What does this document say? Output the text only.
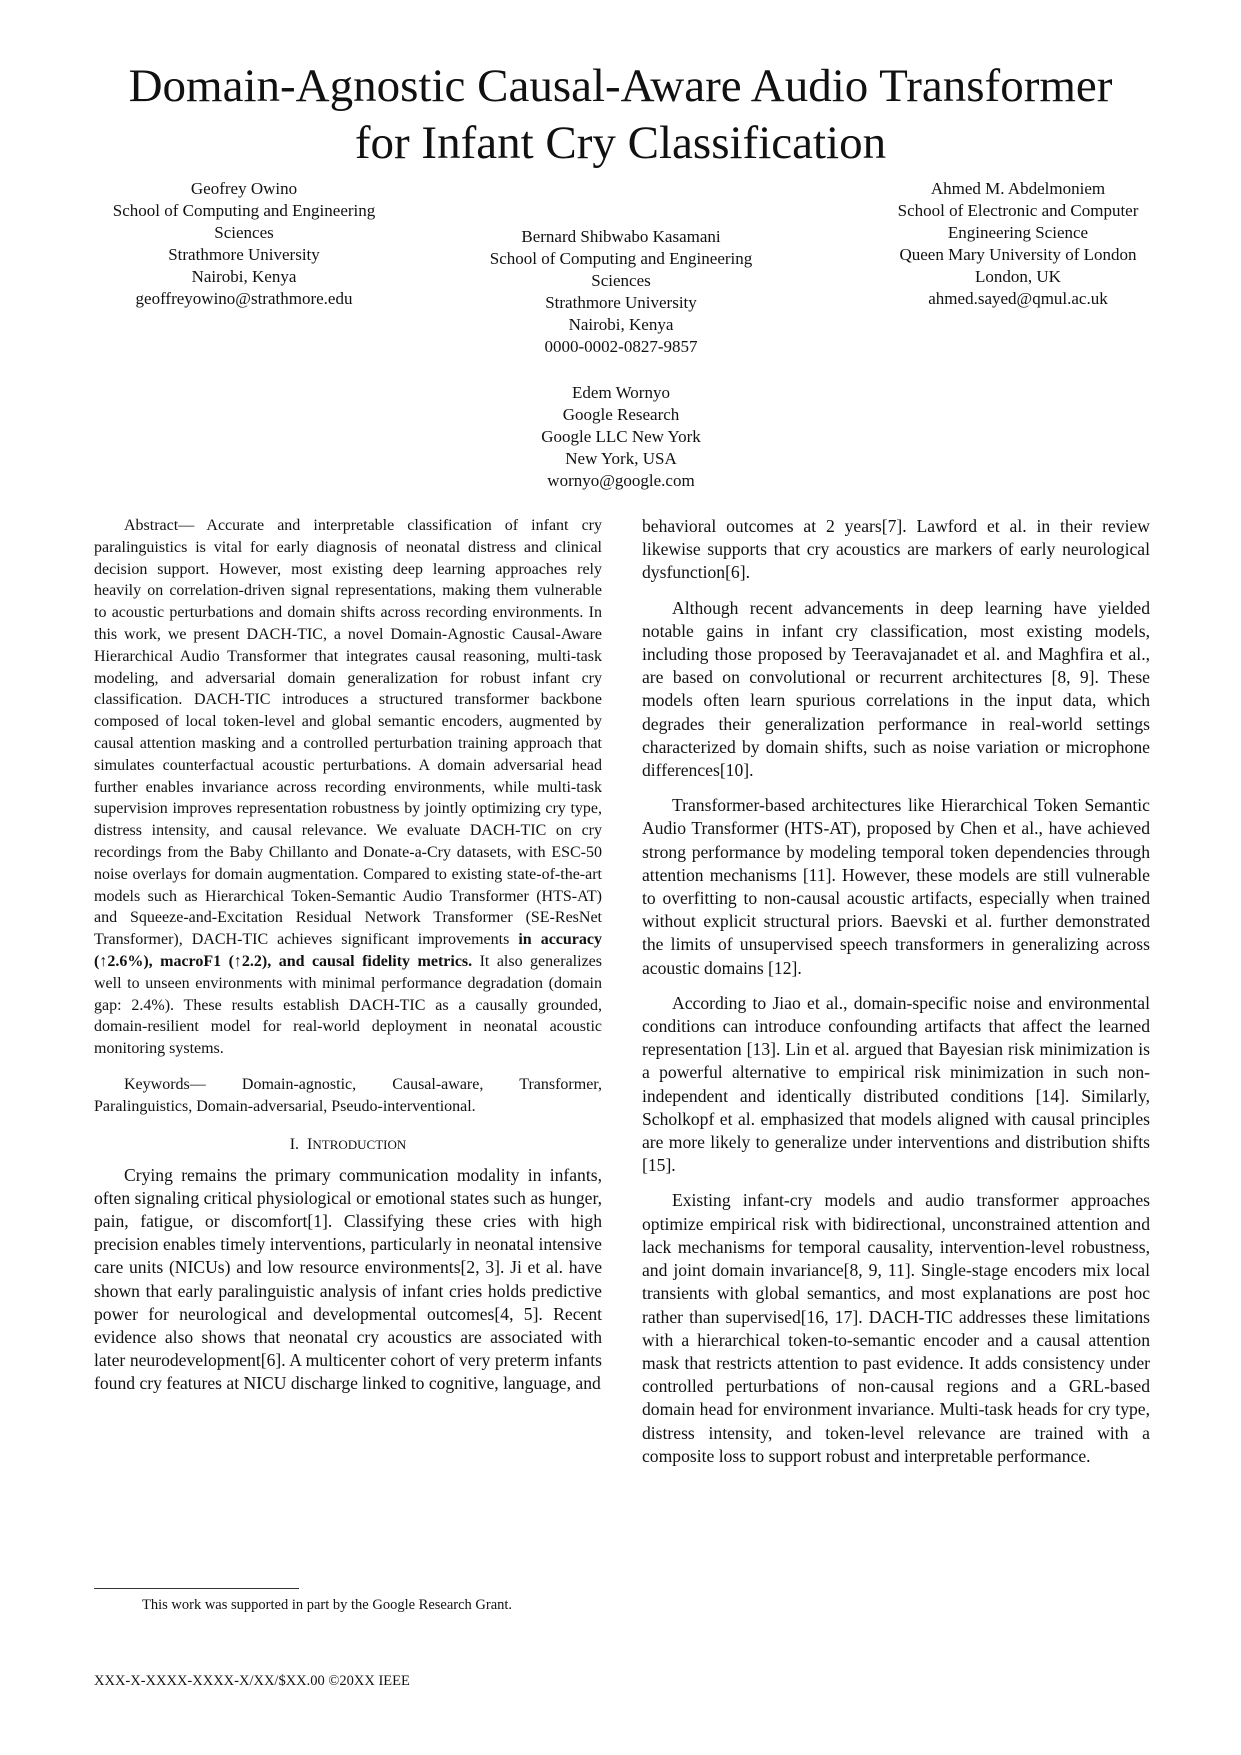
Domain-Agnostic Causal-Aware Audio Transformer
for Infant Cry Classification
Geofrey Owino
School of Computing and Engineering
Sciences
Strathmore University
Nairobi, Kenya
geoffreyowino@strathmore.edu
Bernard Shibwabo Kasamani
School of Computing and Engineering
Sciences
Strathmore University
Nairobi, Kenya
0000-0002-0827-9857
Ahmed M. Abdelmoniem
School of Electronic and Computer
Engineering Science
Queen Mary University of London
London, UK
ahmed.sayed@qmul.ac.uk
Edem Wornyo
Google Research
Google LLC New York
New York, USA
wornyo@google.com

Abstract— Accurate and interpretable classification of infant cry paralinguistics is vital for early diagnosis of neonatal distress and clinical decision support. However, most existing deep learning approaches rely heavily on correlation-driven signal representations, making them vulnerable to acoustic perturbations and domain shifts across recording environments. In this work, we present DACH-TIC, a novel Domain-Agnostic Causal-Aware Hierarchical Audio Transformer that integrates causal reasoning, multi-task modeling, and adversarial domain generalization for robust infant cry classification. DACH-TIC introduces a structured transformer backbone composed of local token-level and global semantic encoders, augmented by causal attention masking and a controlled perturbation training approach that simulates counterfactual acoustic perturbations. A domain adversarial head further enables invariance across recording environments, while multi-task supervision improves representation robustness by jointly optimizing cry type, distress intensity, and causal relevance. We evaluate DACH-TIC on cry recordings from the Baby Chillanto and Donate-a-Cry datasets, with ESC-50 noise overlays for domain augmentation. Compared to existing state-of-the-art models such as Hierarchical Token-Semantic Audio Transformer (HTS-AT) and Squeeze-and-Excitation Residual Network Transformer (SE-ResNet Transformer), DACH-TIC achieves significant improvements in accuracy (↑2.6%), macroF1 (↑2.2), and causal fidelity metrics. It also generalizes well to unseen environments with minimal performance degradation (domain gap: 2.4%). These results establish DACH-TIC as a causally grounded, domain-resilient model for real-world deployment in neonatal acoustic monitoring systems.

Keywords— Domain-agnostic, Causal-aware, Transformer, Paralinguistics, Domain-adversarial, Pseudo-interventional.

I. INTRODUCTION

Crying remains the primary communication modality in infants, often signaling critical physiological or emotional states such as hunger, pain, fatigue, or discomfort[1]. Classifying these cries with high precision enables timely interventions, particularly in neonatal intensive care units (NICUs) and low resource environments[2, 3]. Ji et al. have shown that early paralinguistic analysis of infant cries holds predictive power for neurological and developmental outcomes[4, 5]. Recent evidence also shows that neonatal cry acoustics are associated with later neurodevelopment[6]. A multicenter cohort of very preterm infants found cry features at NICU discharge linked to cognitive, language, and

behavioral outcomes at 2 years[7]. Lawford et al. in their review likewise supports that cry acoustics are markers of early neurological dysfunction[6].

Although recent advancements in deep learning have yielded notable gains in infant cry classification, most existing models, including those proposed by Teeravajanadet et al. and Maghfira et al., are based on convolutional or recurrent architectures [8, 9]. These models often learn spurious correlations in the input data, which degrades their generalization performance in real-world settings characterized by domain shifts, such as noise variation or microphone differences[10].

Transformer-based architectures like Hierarchical Token Semantic Audio Transformer (HTS-AT), proposed by Chen et al., have achieved strong performance by modeling temporal token dependencies through attention mechanisms [11]. However, these models are still vulnerable to overfitting to non-causal acoustic artifacts, especially when trained without explicit structural priors. Baevski et al. further demonstrated the limits of unsupervised speech transformers in generalizing across acoustic domains [12].

According to Jiao et al., domain-specific noise and environmental conditions can introduce confounding artifacts that affect the learned representation [13]. Lin et al. argued that Bayesian risk minimization is a powerful alternative to empirical risk minimization in such non-independent and identically distributed conditions [14]. Similarly, Scholkopf et al. emphasized that models aligned with causal principles are more likely to generalize under interventions and distribution shifts [15].

Existing infant-cry models and audio transformer approaches optimize empirical risk with bidirectional, unconstrained attention and lack mechanisms for temporal causality, intervention-level robustness, and joint domain invariance[8, 9, 11]. Single-stage encoders mix local transients with global semantics, and most explanations are post hoc rather than supervised[16, 17]. DACH-TIC addresses these limitations with a hierarchical token-to-semantic encoder and a causal attention mask that restricts attention to past evidence. It adds consistency under controlled perturbations of non-causal regions and a GRL-based domain head for environment invariance. Multi-task heads for cry type, distress intensity, and token-level relevance are trained with a composite loss to support robust and interpretable performance.

This work was supported in part by the Google Research Grant.
XXX-X-XXXX-XXXX-X/XX/$XX.00 ©20XX IEEE
